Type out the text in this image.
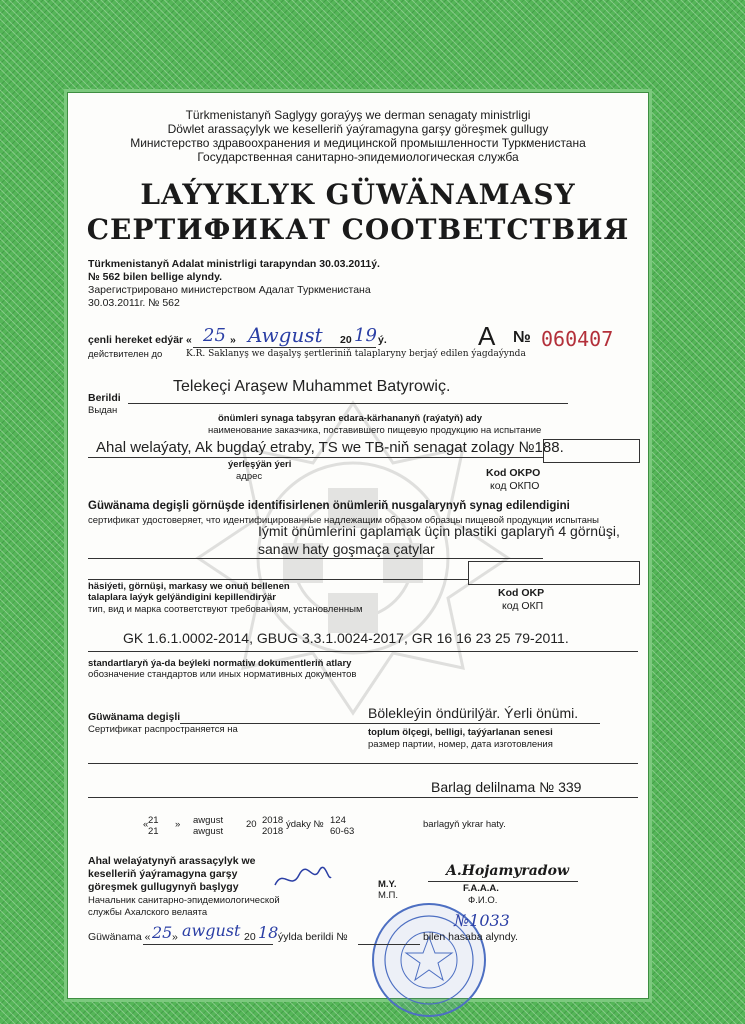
Türkmenistanyň Saglygy goraýyş we derman senagaty ministrligi
Döwlet arassaçylyk we keselleriň ýaýramagyna garşy göreşmek gullugy
Министерство здравоохранения и медицинской промышленности Туркменистана
Государственная санитарно-эпидемиологическая служба
LAÝYKLYK GÜWÄNAMASY
СЕРТИФИКАТ СООТВЕТСТВИЯ
Türkmenistanyň Adalat ministrligi tarapyndan 30.03.2011ý.
№ 562 bilen bellige alyndy.
Зарегистрировано министерством Адалат Туркменистана
30.03.2011г. № 562
çenli hereket edýär « 25 » Awgust 20 19 ý.
действителен до	K.R. Saklanyş we daşalyş şertleriniň talaplaryny berjaý edilen ýagdaýynda
A № 060407
Telekeçi Araşew Muhammet Batyrowiç.
Berildi
Выдан
önümleri synaga tabşyran edara-kärhananyň (raýatyň) ady
наименование заказчика, поставившего пищевую продукцию на испытание
Ahal welaýaty, Ak bugdaý etraby, TS we TB-niň senagat zolagy №188.
ýerleşýän ýeri
адрес	Kod OKPO
код ОКПО
Güwänama degişli görnüşde identifisirlenen önümleriň nusgalarynyň synag edilendigini
сертификат удостоверяет, что идентифицированные надлежащим образом образцы пищевой продукции испытаны
Iýmit önümlerini gaplamak üçin plastiki gaplaryň 4 görnüşi,
sanaw haty goşmaça çatylar
häsiýeti, görnüşi, markasy we onuň bellenen
talaplara laýyk gelýändigini kepillendirýär
тип, вид и марка соответствуют требованиям, установленным
Kod OKP
код ОКП
GK 1.6.1.0002-2014, GBUG 3.3.1.0024-2017, GR 16 16 23 25 79-2011.
standartlaryň ýa-da beýleki normatiw dokumentleriň atlary
обозначение стандартов или иных нормативных документов
Güwänama degişli	Bölekleýin öndürilýär. Ýerli önümi.
Сертификат распространяется на	toplum ölçegi, belligi, taýýarlanan senesi
размер партии, номер, дата изготовления
Barlag delilnama № 339
« 21
21
» awgust
awgust
20 2018
2018
ýdaky № 124
60-63
barlagyň ykrar haty.
Ahal welaýatynyň arassaçylyk we
keselleriň ýaýramagyna garşy
göreşmek gullugynyň başlygy
Начальник санитарно-эпидемиологической
службы Ахалского велаята
M.Y.
М.П.
A.Hojamyradow
F.A.A.A.
Ф.И.О.
Güwänama « 25 » awgust 20 18 ýylda berildi №
№1033
bilen hasaba alyndy.
